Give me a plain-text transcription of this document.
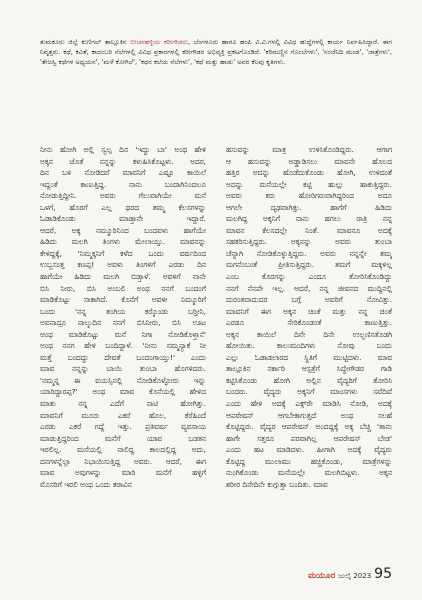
ತುಮಕೂರು ಜಿಲ್ಲೆ ಕುಣಿಗಲ್ ತಾಲ್ಲೂಕಿನ ಬೀಚನಹಳ್ಳಿಯ ಕರೀಗೌಡರು, ಬೆಂಗಳೂರು ಹಾಗೂ ಹಂಪಿ ವಿ.ವಿ.ಗಳಲ್ಲಿ ವಿವಿಧ ಹುದ್ದೆಗಳಲ್ಲಿ ಕಾರ್ಯ ನಿರ್ವಹಿಸಿದ್ದಾರೆ. ಈಗ ನಿವೃತ್ತರು. ಕಥೆ, ಕವಿತೆ, ಕಾದಂಬರಿ ನೆಲೆಗಳಲ್ಲಿ ವಿವಿಧ ಪ್ರಕಾರಗಳಲ್ಲಿ ಕರೀಗೌಡರ ಅಭಿವ್ಯಕ್ತಿ ಪ್ರಕಟಗೊಂಡಿದೆ. 'ಕರಿಮಣ್ಣಿನ ಗೊಂಬೆಗಳು', 'ನಂಜೆನಿದಿ ಮಂಡ', 'ಜಾತ್ರೆಗಳು', 'ತೇಜಸ್ವಿ ಕಥೆಗಳ ಅಧ್ಯಯನ', 'ಮಳೆ ಕೋಗಿಲೆ', 'ಕಥನ ಕಲೆಯ ನೆಲೆಗಳು', 'ಕಥೆ ಮತ್ತು ಹಾಡು' ಅವರ ಕೆಲವು ಕೃತಿಗಳು.
ನೀನು ಹೋಗಿ ಅಲ್ಲಿ ಸ್ವಲ್ಪ ದಿನ 'ಇದ್ದು ಬಾ' ಅಂಥ ಹೇಳಿ
ಅಕ್ಕನ ಜೊತೆ ನನ್ನನ್ನು ಕಳುಹಿಸಿಕೊಟ್ಟಳು. ಅದರ,
ದಿನ ಬಳಿ ನೋಡಿದರೆ ಮಾವನಿಗೆ ಎಷ್ಟೂ ಕಾಯಿಲೆ
ಇದ್ದಂತೆ ಕಾಣುತ್ತಿದ್ದ. ನಾನು ಬಂದಾಗಿನಿಂದಲೂ
ನೋಡುತ್ತಿದ್ದೀನಿ. ಅವರು ಗೆಲುವಾಗಿಯೇ ಮನೆ
ಒಳಗೆ, ಹೊರಗೆ ಎಲ್ಲ ಥರದ ತಮ್ಮ ಕೆಲಸಗಳನ್ನು
ಓಡಾಡಿಕೊಂಡು ಮಾಡ್ತಾನೇ ಇದ್ದಾರೆ.
ಆದರೆ, ಅಕ್ಕ ನಮ್ಮೂರಿನಿಂದ ಬಂದವಳು ಹಾಗೆಯೇ
ಹಿಡಿದು ಮಲಗಿ ತಿಂಗಳು ಮೇಲಾಯ್ತು. ಮಾವನನ್ನು
ಕೇಳಿದ್ದಕ್ಕೆ, 'ನಿಮ್ಮಕ್ಕನಿಗೆ ಕಳೆದ ಒಂದು ವರ್ಷದಿಂದ
ಉಬ್ಬಸಂತ್ತ ಕಣಪ್ಪ! ಅವಳು ತಿಂಗಳಿಗೆ ಎರಡು ದಿನ
ಹಾಗೆಯೇ ಹಿಡಿದು ಮಲಗಿ ಬಿಡ್ತಾಳೆ. ಅವಳಿಗೆ ನಾನೇ
ಬಿಸಿ ನೀರು, ಬಿಸಿ ಅಂಬಲಿ ಅಂಥ ನನಗೆ ಬಂದಂಗೆ
ಮಾಡಿಕೊಟ್ಟು ಸಾಕಾಗಿದೆ. ಕೊನೆಗೆ ಅವಳೀ ನಿಮ್ಮೂರಿಗೆ
ಬಂದು 'ನನ್ನ ತಂಗಿಯ ಕರ್‍ಕೊಂಡು ಬರ್‍ತೀನಿ,
ಅವನಾದ್ರೂ ನಾಲ್ಕುದಿನ ನನಗೆ ಬಿಸಿನೀರು, ಬಿಸಿ ಊಟ
ಅಂಥ ಮಾಡಿಕೊಟ್ಟು ಮನೆ ನಿಗಾ ನೋಡಿಕೊಳ್ತಾನೆ'
ಅಂಥ ನನಗ ಹೇಳಿ ಬಂದಿದ್ದಾಳೆ. 'ನೀನು ನಮ್ಮನ್ಯಾಕೆ ನೀ
ಮತ್ತೆ ಬಂದದ್ದು ದೇವತೆ ಬಂದಂಗಾಯ್ತು!' ಎಂದು
ಮಾವ ನನ್ನನ್ನು ಬಾಯಿ ತುಂಬಾ ಹೊಗಳಿದರು.
'ನಮ್ಮನ್ನ ಈ ವಯಸ್ಸಿನಲ್ಲಿ ನೋಡಿಕೊಳ್ಳೋರು ಇನ್ನು
ಯಾರಿದ್ದಾರಪ್ಪ?' ಅಂಥ ಮಾವ ಕೊನೆಯಲ್ಲಿ ಹೇಳಿದ
ಮಾತು ನನ್ನ ಎದೆಗೆ ನಾಟಿ ಹೋಗಿತ್ತು.
ಮಾವನಿಗೆ ಮೂರು ಎಕರೆ ಹೊಲ, ಕೆರೆಹಿಂದೆ
ಎರಡು ಎಕರೆ ಗದ್ದೆ ಇತ್ತು. ಪ್ರತಿವರ್ಷ ವ್ಯವಸಾಯ
ಮಾಡುತ್ತಿದ್ದರಿಂದ ಮನೆಗೆ ಯಾವ ಬಡತನ
ಇರಲಿಲ್ಲ. ಮನೆಯಲ್ಲಿ ನಾಲಿದ್ದ ಕಾಲದಲ್ಲಿದ್ದ ಅದು,
ದನಗಳನ್ನೆಲ್ಲಾ ನಿಭಾಯಿಸುತ್ತಿದ್ದ ಅವರು. ಆದರೆ, ಈಗ
ಮಾವ ಅವುಗಳನ್ನು ಮಾರಿ ಮನೆಗೆ ಹಳ್ಳಿಗೆ
ಮೊಸರಿಗೆ ಇರಲಿ ಅಂಥ ಒಂದು ಕರಾವಿನ
ಹಸುವನ್ನು ಮಾತ್ರ ಉಳಿಸಿಕೊಂಡಿದ್ದರು. ಆಗಾಗ
ಆ ಹಸುವನ್ನು ಅಡ್ಡಾಡಿಸಲು ಮಾವನೇ ಹೊಲದ
ಹತ್ತಿರ ಅದನ್ನು ಹೊಡೆದುಕೊಂಡು ಹೋಗಿ, ಉಳಿದಂತೆ
ಅದನ್ನು ಮನೆಯಲ್ಲೇ ಕಟ್ಟಿ ಹುಲ್ಲು ಹಾಕುತ್ತಿದ್ದರು.
ಅವರು ಕರು ಹೋರಿಗರುವಾಗಿದ್ದರಿಂದ ಅದೂ
ಆಗಲೇ ದೃಢವಾಗಿತ್ತು. ಹಾಗೆಗೆ ಹಿಡಿದು
ಮಲಗಿದ್ದ ಅಕ್ಕನಿಗೆ ನಾನು ಹಗಲು ರಾತ್ರಿ ನನ್ನ
ಮಾವನ ಕೆಲಸದಲ್ಲೇ ನಿಂತೆ. ಮಾವನೂ ಅದಕ್ಕೆ
ಸಹಕರಿಸುತ್ತಿದ್ದರು. ಅಕ್ಕನನ್ನು ಅವರು ತುಂಬಾ
ಚೆನ್ನಾಗಿ ನೋಡಿಕೊಳ್ಳುತ್ತಿದ್ದರು. ಅವರು ನನ್ನನ್ನೇ ತಮ್ಮ
ಮಗನೆಂಬಂತೆ ಪ್ರೀತಿಸುತ್ತಿದ್ದರು. ತಮಗೆ ಮಕ್ಕಳಿಲ್ಲ
ಎಂಬ ಕೊರಗನ್ನು ಎಂದೂ ತೋರಿಸಿಕೊಂಡಿದ್ದು
ನನಗೆ ನೆನಪೇ ಇಲ್ಲ. ಆದರೆ, ನನ್ನ ಜೀವನದ ಮುದ್ದಿನಲ್ಲಿ
ದುರಂತವಾದುದರ ಬಗ್ಗೆ ಅವರಿಗೆ ನೋವಿತ್ತು.
ಮಾವನಿಗೆ ಈಗ ಅಕ್ಕನ ಚಿಂತೆ ಮತ್ತು ನನ್ನ ಚಿಂತೆ
ಎರಡೂ ಸೇರಿಕೊಂಡಂತೆ ಕಾಣುತ್ತಿತ್ತು.
ಅಕ್ಕನ ಕಾಯಿಲೆ ದಿನೇ ದಿನೇ ಉಲ್ಬಣಿಸತೊಡಗಿ
ಹೋಯಿತು. ಕಾಲುಮಂದಿಗಳು ನೋವು ಬಂದು
ಎಲ್ಲು ಓಡಾಡಲಾರದ ಸ್ಥಿತಿಗೆ ಮುಟ್ಟಿದಳು. ಮಾವ
ತಾಲ್ಲೂಕಿನ ಸರ್ಕಾರಿ ಆಸ್ಪತ್ರೆಗೆ ಸಿದ್ಧೇಗೌಡರ ಗಾಡಿ
ಕಟ್ಟಿಸಿಕೊಂಡು ಹೋಗಿ ಅಲ್ಲಿನ ವೈದ್ಯರಿಗೆ ತೋರಿಸಿ
ಬಂದರು. ವೈದ್ಯರು ಅಕ್ಕನಿಗೆ ಮಾಂಸಗಳು ಸವೆದಿವೆ
ಎಂದು ಹೇಳಿ ಅದಕ್ಕೆ ಎಕ್ಸ್‌ರೇ ಮಾಡಿಸಿ ನೋಡಿ, ಅದಕ್ಕೆ
ಆಪರೇಷನ್ ಆಗಬೇಕಾಗುತ್ತದೆ ಅಂಥ ಸಲಹೆ
ಕೊಟ್ಟಿದ್ದರು. ವೈದ್ಯರ ಆಪರೇಷನ್ ಅಂದದ್ದಕ್ಕೆ ಅಕ್ಕ ಬೆಚ್ಚಿ 'ತಾನು
ಹಾಗೇ ಸತ್ತರೂ ಪರವಾಗಿಲ್ಲ ಆಪರೇಷನ್ ಬೇಡ'
ಎಂದು ಹಟ ಮಾಡಿದಳು. ಹೀಗಾಗಿ ಅದಕ್ಕೆ ವೈದ್ಯರು
ಕೊಟ್ಟಿದ್ದ ಮುಲಾಮು ಹಚ್ಚಿಕೊಂಡು, ಮಾತ್ರೆಗಳನ್ನು
ನುಂಗಿಕೊಂಡು ಮನೆಯಲ್ಲೇ ಮಲಗಿಬಿಟ್ಟಳು. ಅಕ್ಕನ
ಶರೀರ ದಿನೇದಿನೇ ಕುಗ್ಗುತ್ತಾ ಬಂದಿತು. ಮಾವ
ಮಯೂರ ಜುಲೈ 2023 95
